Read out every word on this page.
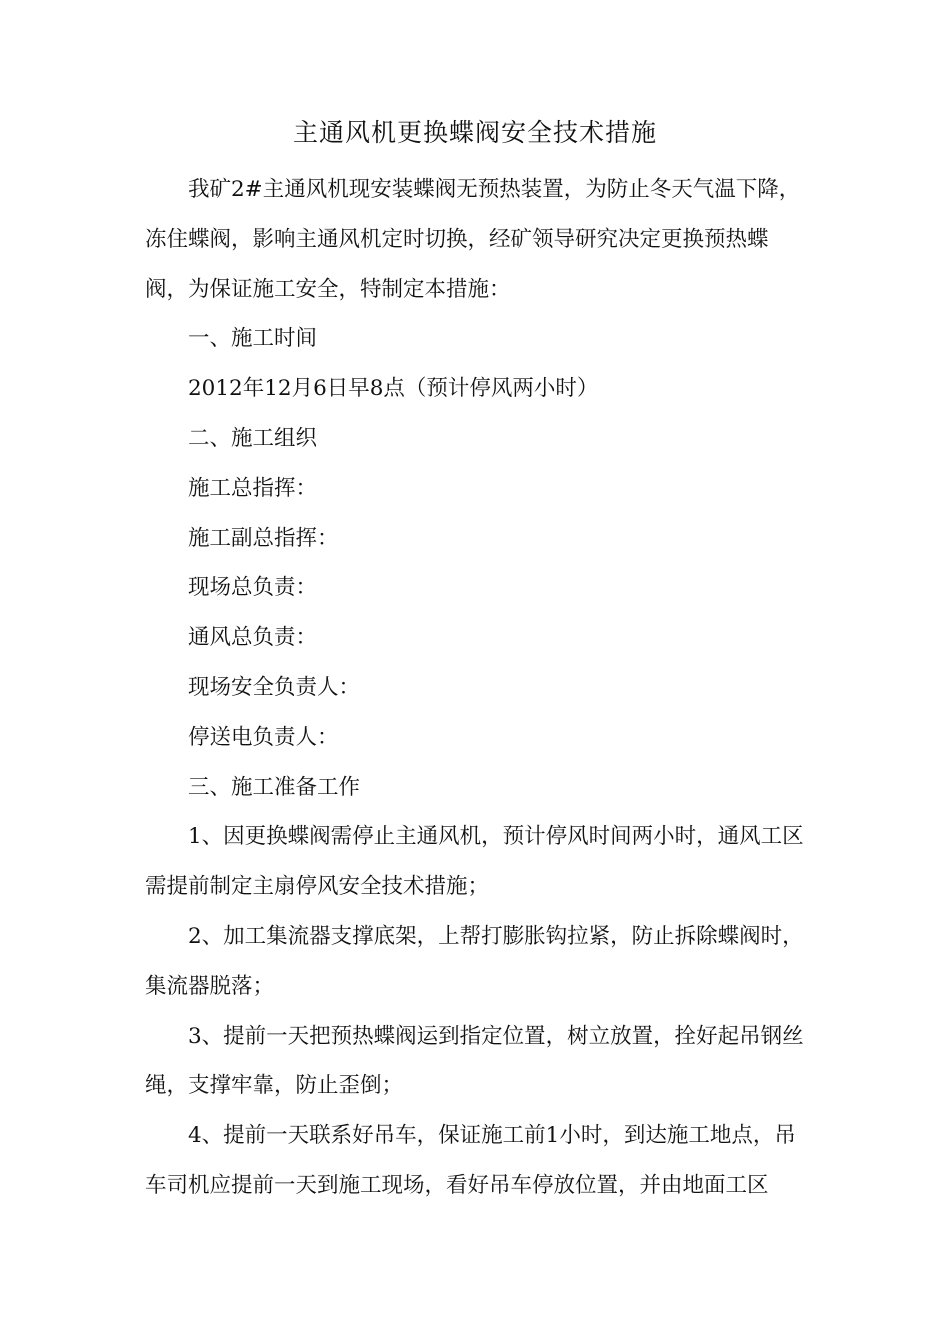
主通风机更换蝶阀安全技术措施

我矿2#主通风机现安装蝶阀无预热装置，为防止冬天气温下降，冻住蝶阀，影响主通风机定时切换，经矿领导研究决定更换预热蝶阀，为保证施工安全，特制定本措施：

一、施工时间

2012年12月6日早8点（预计停风两小时）

二、施工组织

施工总指挥：

施工副总指挥：

现场总负责：

通风总负责：

现场安全负责人：

停送电负责人：

三、施工准备工作

1、因更换蝶阀需停止主通风机，预计停风时间两小时，通风工区需提前制定主扇停风安全技术措施；

2、加工集流器支撑底架，上帮打膨胀钩拉紧，防止拆除蝶阀时，集流器脱落；

3、提前一天把预热蝶阀运到指定位置，树立放置，拴好起吊钢丝绳，支撑牢靠，防止歪倒；

4、提前一天联系好吊车，保证施工前1小时，到达施工地点，吊车司机应提前一天到施工现场，看好吊车停放位置，并由地面工区
